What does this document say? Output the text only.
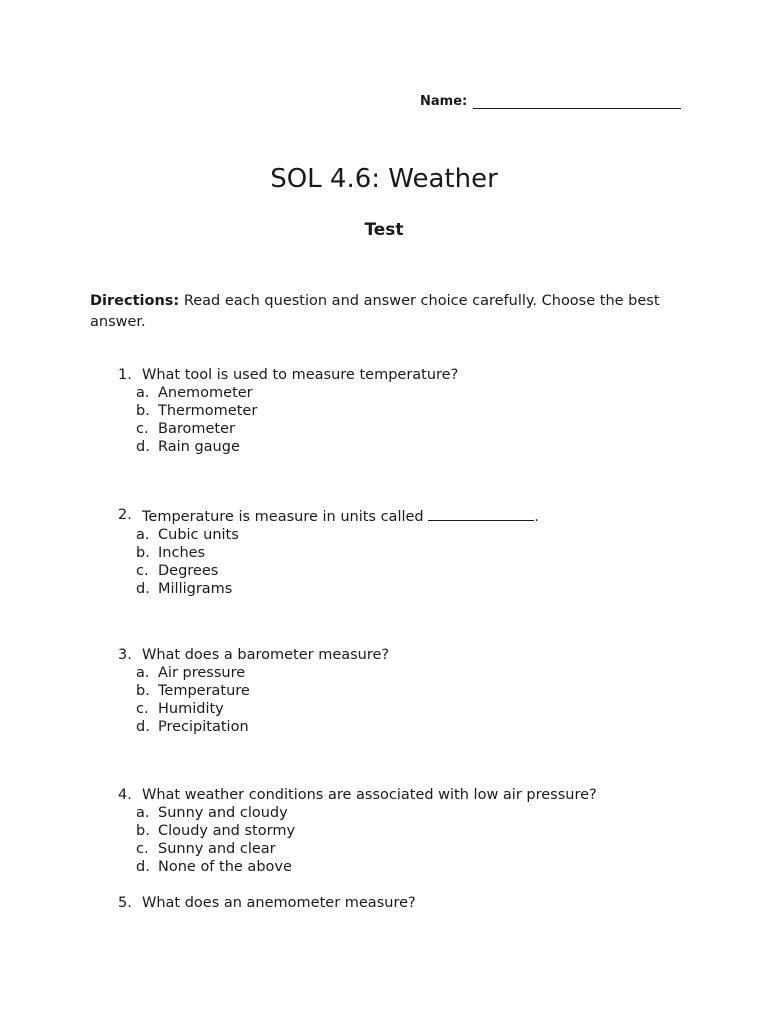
Name:
SOL 4.6: Weather
Test
Directions: Read each question and answer choice carefully. Choose the best answer.
1. What tool is used to measure temperature?
a. Anemometer
b. Thermometer
c. Barometer
d. Rain gauge
2. Temperature is measure in units called	.
a. Cubic units
b. Inches
c. Degrees
d. Milligrams
3. What does a barometer measure?
a. Air pressure
b. Temperature
c. Humidity
d. Precipitation
4. What weather conditions are associated with low air pressure?
a. Sunny and cloudy
b. Cloudy and stormy
c. Sunny and clear
d. None of the above
5. What does an anemometer measure?
